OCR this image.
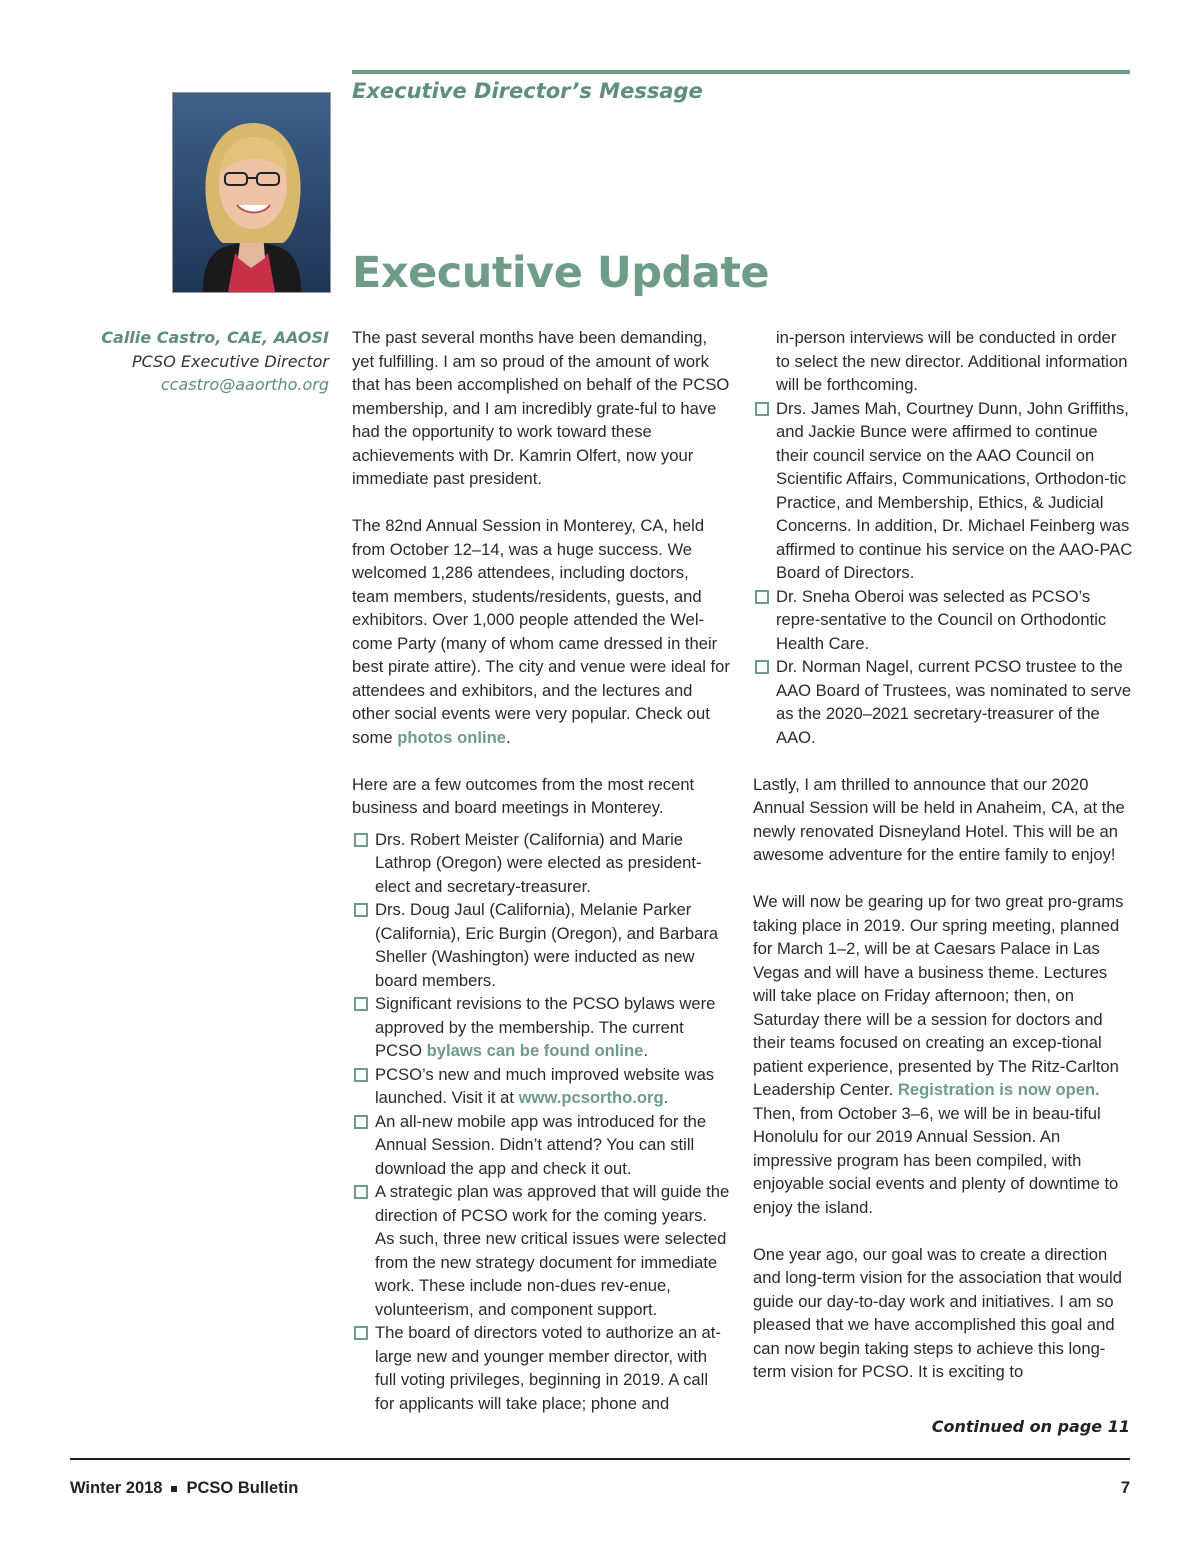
Executive Director’s Message
Executive Update
Callie Castro, CAE, AAOSI
PCSO Executive Director
ccastro@aaortho.org

The past several months have been demanding, yet fulfilling. I am so proud of the amount of work that has been accomplished on behalf of the PCSO membership, and I am incredibly grate-ful to have had the opportunity to work toward these achievements with Dr. Kamrin Olfert, now your immediate past president.

The 82nd Annual Session in Monterey, CA, held from October 12–14, was a huge success. We welcomed 1,286 attendees, including doctors, team members, students/residents, guests, and exhibitors. Over 1,000 people attended the Wel-come Party (many of whom came dressed in their best pirate attire). The city and venue were ideal for attendees and exhibitors, and the lectures and other social events were very popular. Check out some photos online.

Here are a few outcomes from the most recent business and board meetings in Monterey.

Drs. Robert Meister (California) and Marie Lathrop (Oregon) were elected as president-elect and secretary-treasurer.
Drs. Doug Jaul (California), Melanie Parker (California), Eric Burgin (Oregon), and Barbara Sheller (Washington) were inducted as new board members.
Significant revisions to the PCSO bylaws were approved by the membership. The current PCSO bylaws can be found online.
PCSO’s new and much improved website was launched. Visit it at www.pcsortho.org.
An all-new mobile app was introduced for the Annual Session. Didn’t attend? You can still download the app and check it out.
A strategic plan was approved that will guide the direction of PCSO work for the coming years. As such, three new critical issues were selected from the new strategy document for immediate work. These include non-dues rev-enue, volunteerism, and component support.
The board of directors voted to authorize an at-large new and younger member director, with full voting privileges, beginning in 2019. A call for applicants will take place; phone and
in-person interviews will be conducted in order to select the new director. Additional information will be forthcoming.
Drs. James Mah, Courtney Dunn, John Griffiths, and Jackie Bunce were affirmed to continue their council service on the AAO Council on Scientific Affairs, Communications, Orthodon-tic Practice, and Membership, Ethics, & Judicial Concerns. In addition, Dr. Michael Feinberg was affirmed to continue his service on the AAO-PAC Board of Directors.
Dr. Sneha Oberoi was selected as PCSO’s repre-sentative to the Council on Orthodontic Health Care.
Dr. Norman Nagel, current PCSO trustee to the AAO Board of Trustees, was nominated to serve as the 2020–2021 secretary-treasurer of the AAO.

Lastly, I am thrilled to announce that our 2020 Annual Session will be held in Anaheim, CA, at the newly renovated Disneyland Hotel. This will be an awesome adventure for the entire family to enjoy!

We will now be gearing up for two great pro-grams taking place in 2019. Our spring meeting, planned for March 1–2, will be at Caesars Palace in Las Vegas and will have a business theme. Lectures will take place on Friday afternoon; then, on Saturday there will be a session for doctors and their teams focused on creating an excep-tional patient experience, presented by The Ritz-Carlton Leadership Center. Registration is now open. Then, from October 3–6, we will be in beau-tiful Honolulu for our 2019 Annual Session. An impressive program has been compiled, with enjoyable social events and plenty of downtime to enjoy the island.

One year ago, our goal was to create a direction and long-term vision for the association that would guide our day-to-day work and initiatives. I am so pleased that we have accomplished this goal and can now begin taking steps to achieve this long-term vision for PCSO. It is exciting to

Continued on page 11
Winter 2018 PCSO Bulletin	7
